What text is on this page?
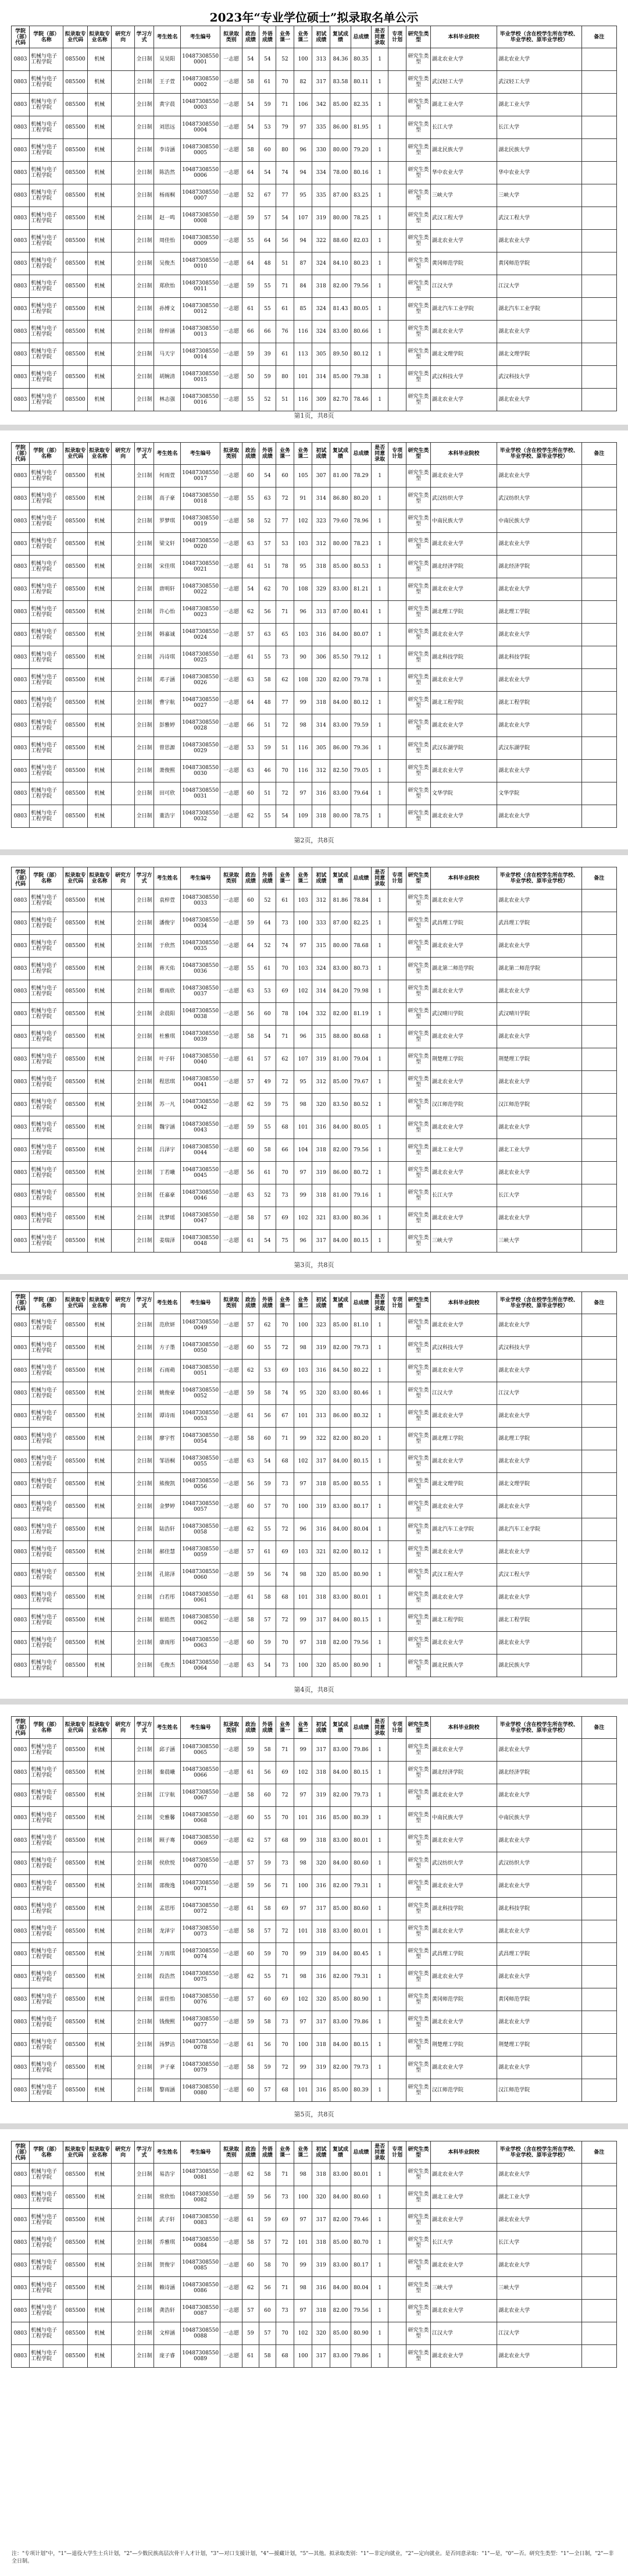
2023年“专业学位硕士”拟录取名单公示
学院（部）代码	学院（部）名称	拟录取专业代码	拟录取专业名称	研究方向	学习方式	考生姓名	考生编号	拟录取类别	政治成绩	外语成绩	业务课一	业务课二	初试成绩	复试成绩	总成绩	是否同意录取	专项计划	研究生类型	本科毕业院校	毕业学校（含在校学生所在学校、毕业学校、原毕业学校）	备注
0803	机械与电子工程学院	085500	机械		全日制	吴昊阳	104873085500001	一志愿	54	54	52	100	313	84.36	80.35	1		研究生类型	湖北农业大学	湖北农业大学	
0803	机械与电子工程学院	085500	机械		全日制	王子萱	104873085500002	一志愿	58	61	70	82	317	83.58	80.11	1		研究生类型	武汉轻工大学	武汉轻工大学	
0803	机械与电子工程学院	085500	机械		全日制	黄宇晨	104873085500003	一志愿	54	59	71	106	342	85.00	82.35	1		研究生类型	湖北工业大学	湖北工业大学	
0803	机械与电子工程学院	085500	机械		全日制	刘思远	104873085500004	一志愿	54	53	79	97	335	86.00	81.95	1		研究生类型	长江大学	长江大学	
0803	机械与电子工程学院	085500	机械		全日制	李诗涵	104873085500005	一志愿	58	60	80	96	330	80.00	79.20	1		研究生类型	湖北民族大学	湖北民族大学	
0803	机械与电子工程学院	085500	机械		全日制	陈浩然	104873085500006	一志愿	64	54	74	94	334	78.00	80.16	1		研究生类型	华中农业大学	华中农业大学	
0803	机械与电子工程学院	085500	机械		全日制	杨雨桐	104873085500007	一志愿	52	67	77	95	335	87.00	83.25	1		研究生类型	三峡大学	三峡大学	
0803	机械与电子工程学院	085500	机械		全日制	赵一鸣	104873085500008	一志愿	59	57	54	107	319	80.00	78.25	1		研究生类型	武汉工程大学	武汉工程大学	
0803	机械与电子工程学院	085500	机械		全日制	周佳怡	104873085500009	一志愿	55	64	56	94	322	88.60	82.03	1		研究生类型	湖北农业大学	湖北农业大学	
0803	机械与电子工程学院	085500	机械		全日制	吴俊杰	104873085500010	一志愿	64	48	51	87	324	84.10	80.23	1		研究生类型	黄冈师范学院	黄冈师范学院	
0803	机械与电子工程学院	085500	机械		全日制	郑欣怡	104873085500011	一志愿	59	55	71	84	318	82.00	79.56	1		研究生类型	江汉大学	江汉大学	
0803	机械与电子工程学院	085500	机械		全日制	孙博文	104873085500012	一志愿	61	55	61	85	324	81.43	80.05	1		研究生类型	湖北汽车工业学院	湖北汽车工业学院	
0803	机械与电子工程学院	085500	机械		全日制	徐梓涵	104873085500013	一志愿	66	66	76	116	324	83.00	80.66	1		研究生类型	湖北农业大学	湖北农业大学	
0803	机械与电子工程学院	085500	机械		全日制	马天宇	104873085500014	一志愿	59	39	61	113	305	89.50	80.12	1		研究生类型	湖北文理学院	湖北文理学院	
0803	机械与电子工程学院	085500	机械		全日制	胡婉清	104873085500015	一志愿	50	59	80	101	314	85.00	79.38	1		研究生类型	武汉科技大学	武汉科技大学	
0803	机械与电子工程学院	085500	机械		全日制	林志强	104873085500016	一志愿	55	52	51	116	309	82.70	78.46	1		研究生类型	湖北农业大学	湖北农业大学	
第1页，共8页
学院（部）代码	学院（部）名称	拟录取专业代码	拟录取专业名称	研究方向	学习方式	考生姓名	考生编号	拟录取类别	政治成绩	外语成绩	业务课一	业务课二	初试成绩	复试成绩	总成绩	是否同意录取	专项计划	研究生类型	本科毕业院校	毕业学校（含在校学生所在学校、毕业学校、原毕业学校）	备注
0803	机械与电子工程学院	085500	机械		全日制	何雨萱	104873085500017	一志愿	60	54	60	105	307	81.00	78.29	1		研究生类型	湖北农业大学	湖北农业大学	
0803	机械与电子工程学院	085500	机械		全日制	高子豪	104873085500018	一志愿	55	63	72	91	314	86.80	80.20	1		研究生类型	武汉纺织大学	武汉纺织大学	
0803	机械与电子工程学院	085500	机械		全日制	罗梦琪	104873085500019	一志愿	58	52	77	102	323	79.60	78.96	1		研究生类型	中南民族大学	中南民族大学	
0803	机械与电子工程学院	085500	机械		全日制	梁文轩	104873085500020	一志愿	63	57	53	103	312	80.00	78.23	1		研究生类型	湖北农业大学	湖北农业大学	
0803	机械与电子工程学院	085500	机械		全日制	宋佳琪	104873085500021	一志愿	61	51	78	95	318	85.00	80.53	1		研究生类型	湖北经济学院	湖北经济学院	
0803	机械与电子工程学院	085500	机械		全日制	唐明轩	104873085500022	一志愿	54	62	70	108	329	83.00	81.21	1		研究生类型	湖北农业大学	湖北农业大学	
0803	机械与电子工程学院	085500	机械		全日制	许心怡	104873085500023	一志愿	62	56	71	96	313	87.00	80.41	1		研究生类型	湖北理工学院	湖北理工学院	
0803	机械与电子工程学院	085500	机械		全日制	韩嘉诚	104873085500024	一志愿	57	63	65	103	316	84.00	80.07	1		研究生类型	湖北农业大学	湖北农业大学	
0803	机械与电子工程学院	085500	机械		全日制	冯诗琪	104873085500025	一志愿	61	55	73	90	306	85.50	79.12	1		研究生类型	湖北科技学院	湖北科技学院	
0803	机械与电子工程学院	085500	机械		全日制	邓子涵	104873085500026	一志愿	63	58	62	108	320	82.00	79.78	1		研究生类型	湖北农业大学	湖北农业大学	
0803	机械与电子工程学院	085500	机械		全日制	曹宇航	104873085500027	一志愿	64	48	77	99	318	84.00	80.12	1		研究生类型	湖北工程学院	湖北工程学院	
0803	机械与电子工程学院	085500	机械		全日制	彭雅婷	104873085500028	一志愿	66	51	72	98	314	83.00	79.59	1		研究生类型	湖北农业大学	湖北农业大学	
0803	机械与电子工程学院	085500	机械		全日制	曾思源	104873085500029	一志愿	53	59	51	116	305	86.00	79.36	1		研究生类型	武汉东湖学院	武汉东湖学院	
0803	机械与电子工程学院	085500	机械		全日制	萧俊熙	104873085500030	一志愿	63	46	70	116	312	82.50	79.05	1		研究生类型	湖北农业大学	湖北农业大学	
0803	机械与电子工程学院	085500	机械		全日制	田可欣	104873085500031	一志愿	60	51	72	97	316	83.00	79.64	1		研究生类型	文华学院	文华学院	
0803	机械与电子工程学院	085500	机械		全日制	董浩宇	104873085500032	一志愿	62	55	54	109	318	80.00	78.75	1		研究生类型	湖北农业大学	湖北农业大学	
第2页，共8页
学院（部）代码	学院（部）名称	拟录取专业代码	拟录取专业名称	研究方向	学习方式	考生姓名	考生编号	拟录取类别	政治成绩	外语成绩	业务课一	业务课二	初试成绩	复试成绩	总成绩	是否同意录取	专项计划	研究生类型	本科毕业院校	毕业学校（含在校学生所在学校、毕业学校、原毕业学校）	备注
0803	机械与电子工程学院	085500	机械		全日制	袁梓萱	104873085500033	一志愿	60	52	61	103	312	81.86	78.84	1		研究生类型	湖北农业大学	湖北农业大学	
0803	机械与电子工程学院	085500	机械		全日制	潘俊宇	104873085500034	一志愿	59	64	73	100	333	87.00	82.25	1		研究生类型	武昌理工学院	武昌理工学院	
0803	机械与电子工程学院	085500	机械		全日制	于欣然	104873085500035	一志愿	64	52	74	97	315	80.00	78.68	1		研究生类型	湖北农业大学	湖北农业大学	
0803	机械与电子工程学院	085500	机械		全日制	蒋天佑	104873085500036	一志愿	55	61	70	103	324	83.00	80.73	1		研究生类型	湖北第二师范学院	湖北第二师范学院	
0803	机械与电子工程学院	085500	机械		全日制	蔡雨欣	104873085500037	一志愿	63	53	69	102	314	84.20	79.98	1		研究生类型	湖北农业大学	湖北农业大学	
0803	机械与电子工程学院	085500	机械		全日制	余晨阳	104873085500038	一志愿	56	60	78	104	332	82.00	81.19	1		研究生类型	武汉晴川学院	武汉晴川学院	
0803	机械与电子工程学院	085500	机械		全日制	杜雅琪	104873085500039	一志愿	58	54	71	96	315	88.00	80.68	1		研究生类型	湖北农业大学	湖北农业大学	
0803	机械与电子工程学院	085500	机械		全日制	叶子轩	104873085500040	一志愿	61	57	62	107	319	81.00	79.04	1		研究生类型	荆楚理工学院	荆楚理工学院	
0803	机械与电子工程学院	085500	机械		全日制	程思琪	104873085500041	一志愿	57	49	72	95	312	85.00	79.67	1		研究生类型	湖北农业大学	湖北农业大学	
0803	机械与电子工程学院	085500	机械		全日制	苏一凡	104873085500042	一志愿	62	59	75	98	320	83.50	80.52	1		研究生类型	汉江师范学院	汉江师范学院	
0803	机械与电子工程学院	085500	机械		全日制	魏宇涵	104873085500043	一志愿	59	55	68	101	316	84.00	80.05	1		研究生类型	湖北农业大学	湖北农业大学	
0803	机械与电子工程学院	085500	机械		全日制	吕泽宇	104873085500044	一志愿	60	58	66	104	318	82.00	79.56	1		研究生类型	湖北工业大学	湖北工业大学	
0803	机械与电子工程学院	085500	机械		全日制	丁若曦	104873085500045	一志愿	56	61	70	97	319	86.00	80.72	1		研究生类型	湖北农业大学	湖北农业大学	
0803	机械与电子工程学院	085500	机械		全日制	任嘉豪	104873085500046	一志愿	63	52	73	99	318	81.00	79.16	1		研究生类型	长江大学	长江大学	
0803	机械与电子工程学院	085500	机械		全日制	沈梦瑶	104873085500047	一志愿	58	57	69	102	321	83.00	80.36	1		研究生类型	湖北农业大学	湖北农业大学	
0803	机械与电子工程学院	085500	机械		全日制	姜瑞泽	104873085500048	一志愿	61	54	75	96	317	84.00	80.15	1		研究生类型	三峡大学	三峡大学	
第3页，共8页
学院（部）代码	学院（部）名称	拟录取专业代码	拟录取专业名称	研究方向	学习方式	考生姓名	考生编号	拟录取类别	政治成绩	外语成绩	业务课一	业务课二	初试成绩	复试成绩	总成绩	是否同意录取	专项计划	研究生类型	本科毕业院校	毕业学校（含在校学生所在学校、毕业学校、原毕业学校）	备注
0803	机械与电子工程学院	085500	机械		全日制	范欣妍	104873085500049	一志愿	57	62	70	100	323	85.00	81.10	1		研究生类型	湖北农业大学	湖北农业大学	
0803	机械与电子工程学院	085500	机械		全日制	方子墨	104873085500050	一志愿	60	55	72	98	319	82.00	79.73	1		研究生类型	武汉科技大学	武汉科技大学	
0803	机械与电子工程学院	085500	机械		全日制	石雨萌	104873085500051	一志愿	62	53	69	103	316	84.50	80.22	1		研究生类型	湖北农业大学	湖北农业大学	
0803	机械与电子工程学院	085500	机械		全日制	姚俊豪	104873085500052	一志愿	59	58	74	95	320	83.00	80.46	1		研究生类型	江汉大学	江汉大学	
0803	机械与电子工程学院	085500	机械		全日制	谭诗雨	104873085500053	一志愿	61	56	67	101	313	86.00	80.32	1		研究生类型	湖北农业大学	湖北农业大学	
0803	机械与电子工程学院	085500	机械		全日制	廖宇哲	104873085500054	一志愿	58	60	71	99	322	82.00	80.20	1		研究生类型	湖北理工学院	湖北理工学院	
0803	机械与电子工程学院	085500	机械		全日制	邹语桐	104873085500055	一志愿	63	54	68	102	317	84.00	80.15	1		研究生类型	湖北农业大学	湖北农业大学	
0803	机械与电子工程学院	085500	机械		全日制	熊俊凯	104873085500056	一志愿	56	59	73	97	318	85.00	80.55	1		研究生类型	湖北文理学院	湖北文理学院	
0803	机械与电子工程学院	085500	机械		全日制	金梦婷	104873085500057	一志愿	60	57	70	100	319	83.00	80.17	1		研究生类型	湖北农业大学	湖北农业大学	
0803	机械与电子工程学院	085500	机械		全日制	陆浩轩	104873085500058	一志愿	62	55	72	96	316	84.00	80.04	1		研究生类型	湖北汽车工业学院	湖北汽车工业学院	
0803	机械与电子工程学院	085500	机械		全日制	郝佳慧	104873085500059	一志愿	57	61	69	103	321	82.00	80.12	1		研究生类型	湖北农业大学	湖北农业大学	
0803	机械与电子工程学院	085500	机械		全日制	孔铭泽	104873085500060	一志愿	59	56	74	98	320	85.00	80.90	1		研究生类型	武汉工程大学	武汉工程大学	
0803	机械与电子工程学院	085500	机械		全日制	白若彤	104873085500061	一志愿	61	58	68	101	318	83.00	80.01	1		研究生类型	湖北农业大学	湖北农业大学	
0803	机械与电子工程学院	085500	机械		全日制	崔皓然	104873085500062	一志愿	58	57	72	99	317	84.00	80.15	1		研究生类型	湖北工程学院	湖北工程学院	
0803	机械与电子工程学院	085500	机械		全日制	康雨彤	104873085500063	一志愿	60	59	70	97	318	82.00	79.56	1		研究生类型	湖北农业大学	湖北农业大学	
0803	机械与电子工程学院	085500	机械		全日制	毛俊杰	104873085500064	一志愿	63	54	73	100	320	85.00	80.90	1		研究生类型	湖北民族大学	湖北民族大学	
第4页，共8页
学院（部）代码	学院（部）名称	拟录取专业代码	拟录取专业名称	研究方向	学习方式	考生姓名	考生编号	拟录取类别	政治成绩	外语成绩	业务课一	业务课二	初试成绩	复试成绩	总成绩	是否同意录取	专项计划	研究生类型	本科毕业院校	毕业学校（含在校学生所在学校、毕业学校、原毕业学校）	备注
0803	机械与电子工程学院	085500	机械		全日制	邱子涵	104873085500065	一志愿	59	58	71	99	317	83.00	79.86	1		研究生类型	湖北农业大学	湖北农业大学	
0803	机械与电子工程学院	085500	机械		全日制	秦晨曦	104873085500066	一志愿	61	56	69	102	318	84.00	80.15	1		研究生类型	湖北经济学院	湖北经济学院	
0803	机械与电子工程学院	085500	机械		全日制	江宇航	104873085500067	一志愿	58	60	72	97	319	82.00	79.73	1		研究生类型	湖北农业大学	湖北农业大学	
0803	机械与电子工程学院	085500	机械		全日制	史雅馨	104873085500068	一志愿	60	55	70	101	316	85.00	80.39	1		研究生类型	中南民族大学	中南民族大学	
0803	机械与电子工程学院	085500	机械		全日制	顾子骞	104873085500069	一志愿	62	57	68	99	318	83.00	80.01	1		研究生类型	湖北农业大学	湖北农业大学	
0803	机械与电子工程学院	085500	机械		全日制	侯欣悦	104873085500070	一志愿	57	59	73	98	320	84.00	80.60	1		研究生类型	武汉纺织大学	武汉纺织大学	
0803	机械与电子工程学院	085500	机械		全日制	邵俊逸	104873085500071	一志愿	59	56	71	100	316	82.00	79.31	1		研究生类型	湖北农业大学	湖北农业大学	
0803	机械与电子工程学院	085500	机械		全日制	孟思彤	104873085500072	一志愿	61	58	69	97	317	85.00	80.60	1		研究生类型	湖北科技学院	湖北科技学院	
0803	机械与电子工程学院	085500	机械		全日制	龙泽宇	104873085500073	一志愿	58	57	72	101	318	83.00	80.01	1		研究生类型	湖北农业大学	湖北农业大学	
0803	机械与电子工程学院	085500	机械		全日制	万雨琪	104873085500074	一志愿	60	59	70	99	319	84.00	80.45	1		研究生类型	武昌理工学院	武昌理工学院	
0803	机械与电子工程学院	085500	机械		全日制	段浩然	104873085500075	一志愿	62	55	71	98	316	82.00	79.31	1		研究生类型	湖北农业大学	湖北农业大学	
0803	机械与电子工程学院	085500	机械		全日制	雷佳怡	104873085500076	一志愿	57	60	69	102	320	85.00	80.90	1		研究生类型	黄冈师范学院	黄冈师范学院	
0803	机械与电子工程学院	085500	机械		全日制	钱俊熙	104873085500077	一志愿	59	58	73	97	317	83.00	79.86	1		研究生类型	湖北农业大学	湖北农业大学	
0803	机械与电子工程学院	085500	机械		全日制	汤梦洁	104873085500078	一志愿	61	56	70	100	318	84.00	80.15	1		研究生类型	荆楚理工学院	荆楚理工学院	
0803	机械与电子工程学院	085500	机械		全日制	尹子豪	104873085500079	一志愿	58	59	72	99	319	82.00	79.73	1		研究生类型	湖北农业大学	湖北农业大学	
0803	机械与电子工程学院	085500	机械		全日制	黎雨涵	104873085500080	一志愿	60	57	68	101	316	85.00	80.39	1		研究生类型	汉江师范学院	汉江师范学院	
第5页，共8页
学院（部）代码	学院（部）名称	拟录取专业代码	拟录取专业名称	研究方向	学习方式	考生姓名	考生编号	拟录取类别	政治成绩	外语成绩	业务课一	业务课二	初试成绩	复试成绩	总成绩	是否同意录取	专项计划	研究生类型	本科毕业院校	毕业学校（含在校学生所在学校、毕业学校、原毕业学校）	备注
0803	机械与电子工程学院	085500	机械		全日制	易浩宇	104873085500081	一志愿	62	58	71	98	318	83.00	80.01	1		研究生类型	湖北农业大学	湖北农业大学	
0803	机械与电子工程学院	085500	机械		全日制	常欣怡	104873085500082	一志愿	59	56	73	100	320	84.00	80.60	1		研究生类型	湖北工业大学	湖北工业大学	
0803	机械与电子工程学院	085500	机械		全日制	武子轩	104873085500083	一志愿	61	59	69	97	317	82.00	79.46	1		研究生类型	湖北农业大学	湖北农业大学	
0803	机械与电子工程学院	085500	机械		全日制	乔雅琪	104873085500084	一志愿	58	57	72	101	318	85.00	80.70	1		研究生类型	长江大学	长江大学	
0803	机械与电子工程学院	085500	机械		全日制	贺俊宇	104873085500085	一志愿	60	58	70	99	319	83.00	80.17	1		研究生类型	湖北农业大学	湖北农业大学	
0803	机械与电子工程学院	085500	机械		全日制	赖诗涵	104873085500086	一志愿	62	56	71	98	316	84.00	80.04	1		研究生类型	三峡大学	三峡大学	
0803	机械与电子工程学院	085500	机械		全日制	龚浩轩	104873085500087	一志愿	57	60	73	97	318	82.00	79.56	1		研究生类型	湖北农业大学	湖北农业大学	
0803	机械与电子工程学院	085500	机械		全日制	文梓涵	104873085500088	一志愿	59	57	70	102	320	85.00	80.90	1		研究生类型	江汉大学	江汉大学	
0803	机械与电子工程学院	085500	机械		全日制	庞子睿	104873085500089	一志愿	61	58	68	100	317	83.00	79.86	1		研究生类型	湖北农业大学	湖北农业大学	
注："专项计划"中，"1"—退役大学生士兵计划，"2"—少数民族高层次骨干人才计划，"3"—对口支援计划，"4"—援藏计划，"5"—其他。拟录取类别："1"—非定向就业，"2"—定向就业。是否同意录取："1"—是，"0"—否。研究生类型："1"—全日制，"2"—非全日制。
